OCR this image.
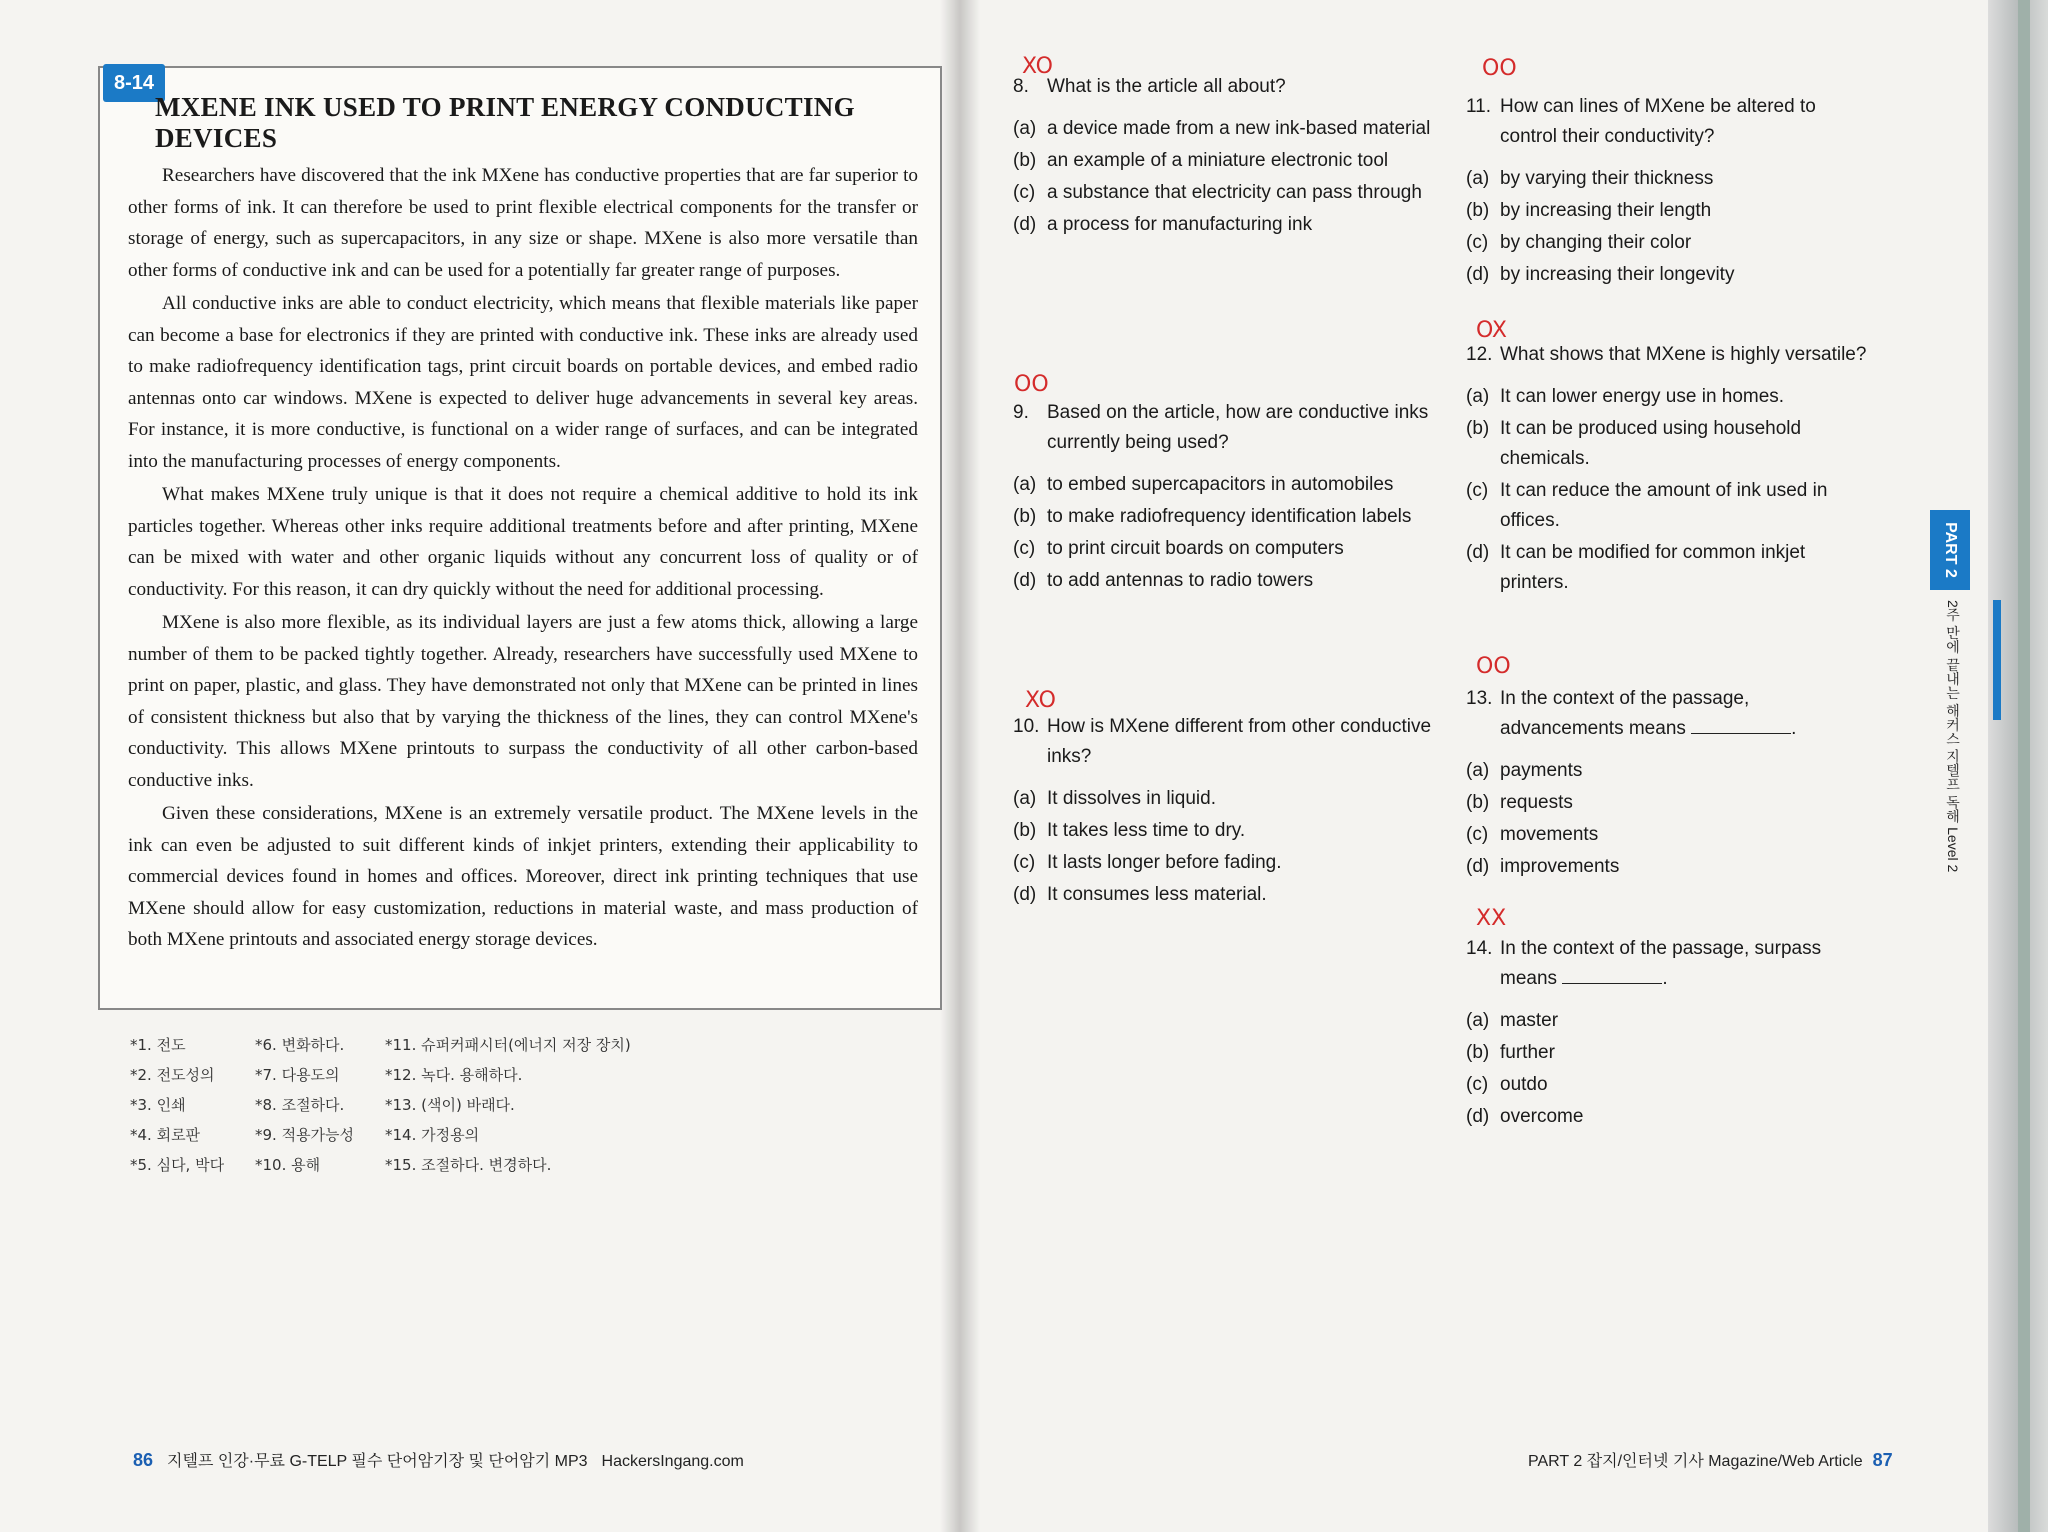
8-14
MXENE INK USED TO PRINT ENERGY CONDUCTING DEVICES

Researchers have discovered that the ink MXene has conductive properties that are far superior to other forms of ink. It can therefore be used to print flexible electrical components for the transfer or storage of energy, such as supercapacitors, in any size or shape. MXene is also more versatile than other forms of conductive ink and can be used for a potentially far greater range of purposes.

All conductive inks are able to conduct electricity, which means that flexible materials like paper can become a base for electronics if they are printed with conductive ink. These inks are already used to make radiofrequency identification tags, print circuit boards on portable devices, and embed radio antennas onto car windows. MXene is expected to deliver huge advancements in several key areas. For instance, it is more conductive, is functional on a wider range of surfaces, and can be integrated into the manufacturing processes of energy components.

What makes MXene truly unique is that it does not require a chemical additive to hold its ink particles together. Whereas other inks require additional treatments before and after printing, MXene can be mixed with water and other organic liquids without any concurrent loss of quality or of conductivity. For this reason, it can dry quickly without the need for additional processing.

MXene is also more flexible, as its individual layers are just a few atoms thick, allowing a large number of them to be packed tightly together. Already, researchers have successfully used MXene to print on paper, plastic, and glass. They have demonstrated not only that MXene can be printed in lines of consistent thickness but also that by varying the thickness of the lines, they can control MXene's conductivity. This allows MXene printouts to surpass the conductivity of all other carbon-based conductive inks.

Given these considerations, MXene is an extremely versatile product. The MXene levels in the ink can even be adjusted to suit different kinds of inkjet printers, extending their applicability to commercial devices found in homes and offices. Moreover, direct ink printing techniques that use MXene should allow for easy customization, reductions in material waste, and mass production of both MXene printouts and associated energy storage devices.

*1. 전도
*2. 전도성의
*3. 인쇄
*4. 회로판
*5. 심다, 박다
*6. 변화하다.
*7. 다용도의
*8. 조절하다.
*9. 적용가능성
*10. 용해
*11. 슈퍼커패시터(에너지 저장 장치)
*12. 녹다. 용해하다.
*13. (색이) 바래다.
*14. 가정용의
*15. 조절하다. 변경하다.
86 지텔프 인강·무료 G-TELP 필수 단어암기장 및 단어암기 MP3 HackersIngang.com
PART 2
2주 만에 끝내는 해커스 지텔프 독해 Level 2
XO
8. What is the article all about?
(a) a device made from a new ink-based material
(b) an example of a miniature electronic tool
(c) a substance that electricity can pass through
(d) a process for manufacturing ink
OO
9. Based on the article, how are conductive inks currently being used?
(a) to embed supercapacitors in automobiles
(b) to make radiofrequency identification labels
(c) to print circuit boards on computers
(d) to add antennas to radio towers
XO
10. How is MXene different from other conductive inks?
(a) It dissolves in liquid.
(b) It takes less time to dry.
(c) It lasts longer before fading.
(d) It consumes less material.
OO
11. How can lines of MXene be altered to control their conductivity?
(a) by varying their thickness
(b) by increasing their length
(c) by changing their color
(d) by increasing their longevity
OX
12. What shows that MXene is highly versatile?
(a) It can lower energy use in homes.
(b) It can be produced using household chemicals.
(c) It can reduce the amount of ink used in offices.
(d) It can be modified for common inkjet printers.
OO
13. In the context of the passage, advancements means	.
(a) payments
(b) requests
(c) movements
(d) improvements
XX
14. In the context of the passage, surpass means	.
(a) master
(b) further
(c) outdo
(d) overcome
PART 2 잡지/인터넷 기사 Magazine/Web Article 87
